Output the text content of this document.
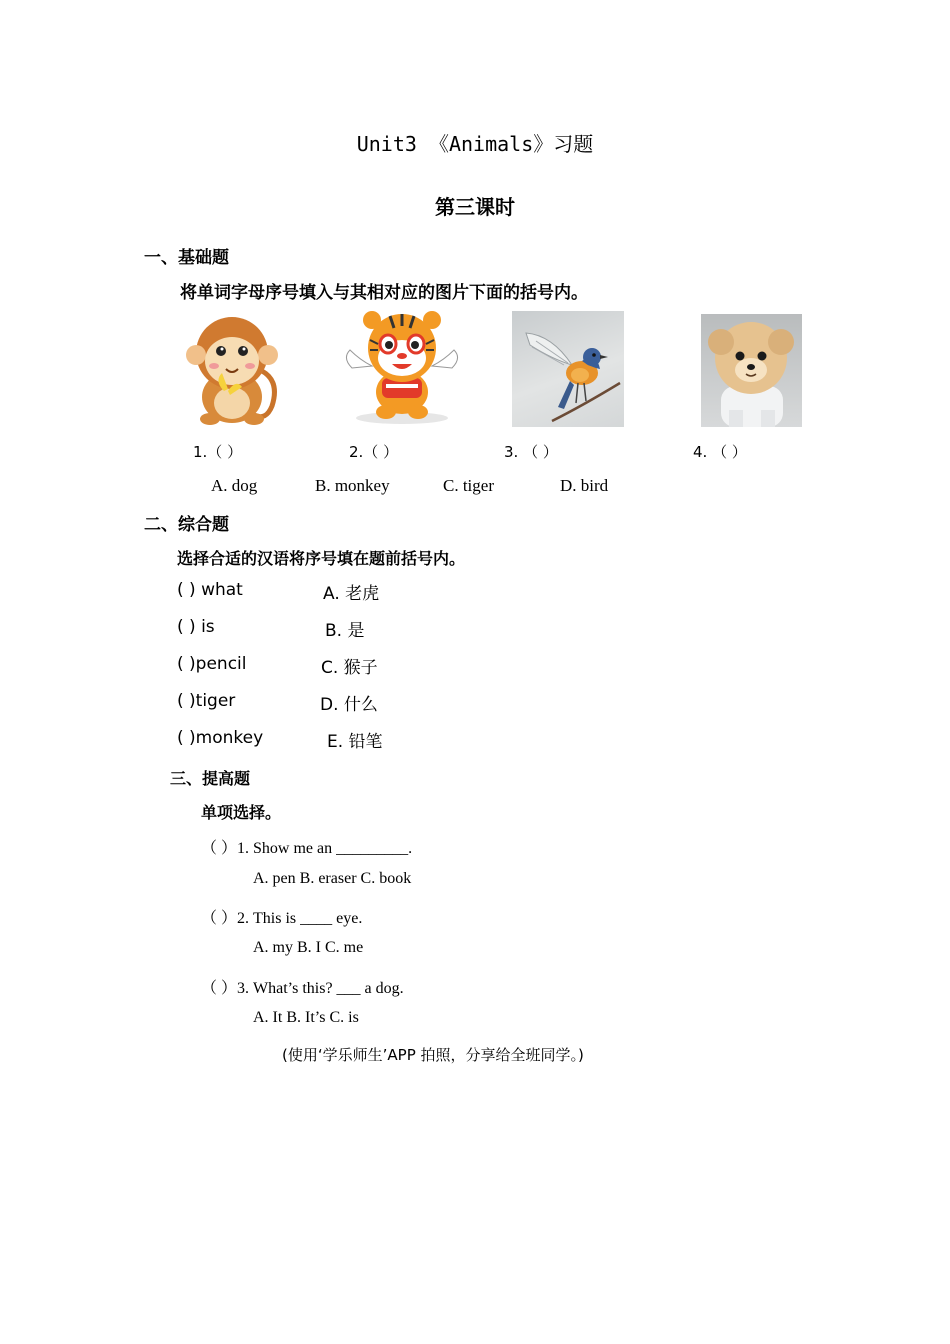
Unit3 《Animals》习题
第三课时
一、基础题
将单词字母序号填入与其相对应的图片下面的括号内。
1.（ ）	2.（ ）	3. （ ）	4. （ ）
A. dog	B. monkey	C. tiger	D. bird
二、综合题
选择合适的汉语将序号填在题前括号内。
( ) what	A. 老虎
( ) is	B. 是
( )pencil	C. 猴子
( )tiger	D. 什么
( )monkey	E. 铅笔
三、提高题
单项选择。
（ ）1. Show me an _________.
A. pen B. eraser C. book
（ ）2. This is ____ eye.
A. my B. I C. me
（ ）3. What’s this? ___ a dog.
A. It B. It’s C. is
(使用‘学乐师生’APP 拍照，分享给全班同学。)
